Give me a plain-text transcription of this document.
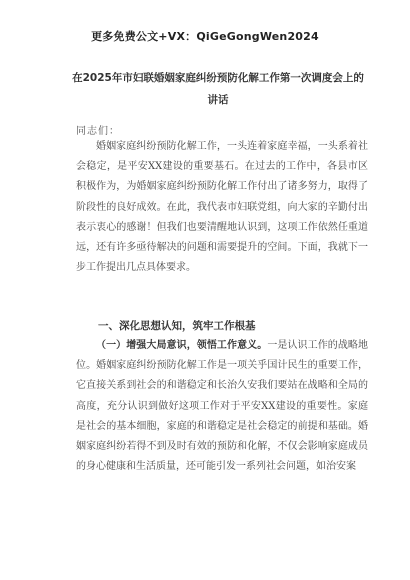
更多免费公文+VX：QiGeGongWen2024
在2025年市妇联婚姻家庭纠纷预防化解工作第一次调度会上的讲话
同志们：

婚姻家庭纠纷预防化解工作，一头连着家庭幸福，一头系着社会稳定，是平安XX建设的重要基石。在过去的工作中，各县市区积极作为，为婚姻家庭纠纷预防化解工作付出了诸多努力，取得了阶段性的良好成效。在此，我代表市妇联党组，向大家的辛勤付出表示衷心的感谢！但我们也要清醒地认识到，这项工作依然任重道远，还有许多亟待解决的问题和需要提升的空间。下面，我就下一步工作提出几点具体要求。

一、深化思想认知，筑牢工作根基

（一）增强大局意识，领悟工作意义。一是认识工作的战略地位。婚姻家庭纠纷预防化解工作是一项关乎国计民生的重要工作，它直接关系到社会的和谐稳定和长治久安我们要站在战略和全局的高度，充分认识到做好这项工作对于平安XX建设的重要性。家庭是社会的基本细胞，家庭的和谐稳定是社会稳定的前提和基础。婚姻家庭纠纷若得不到及时有效的预防和化解，不仅会影响家庭成员的身心健康和生活质量，还可能引发一系列社会问题，如治安案
